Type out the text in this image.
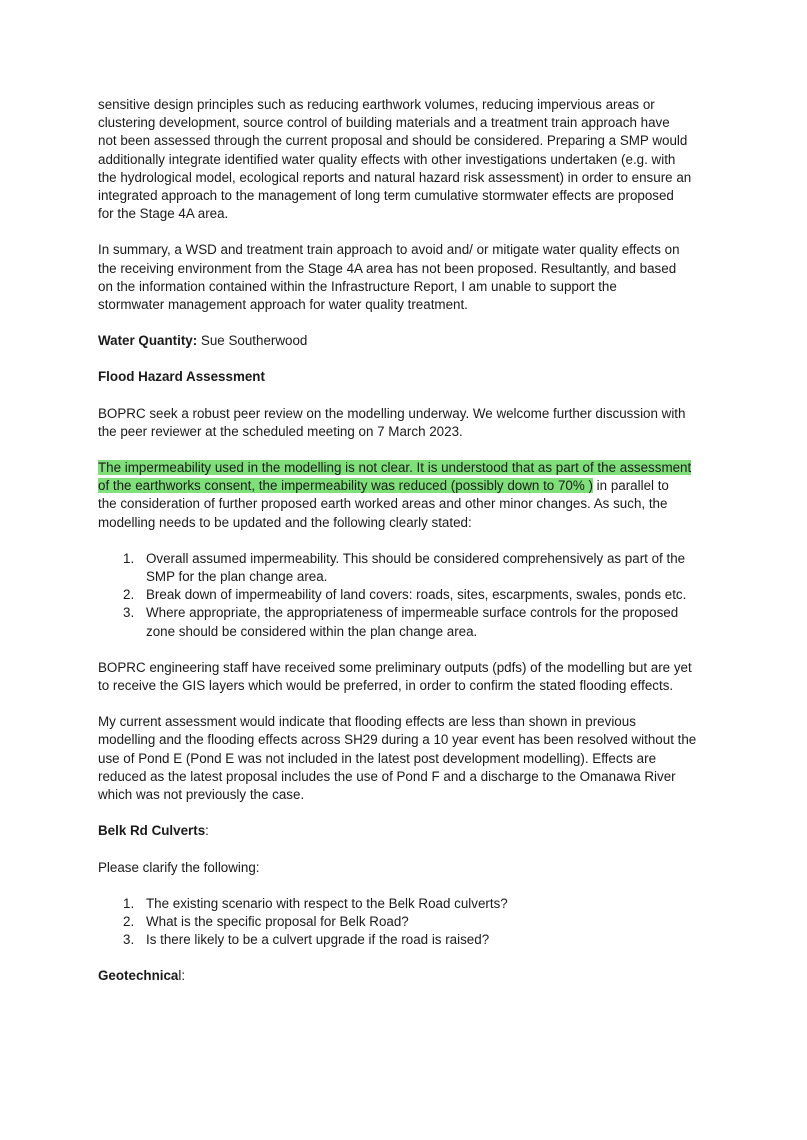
sensitive design principles such as reducing earthwork volumes, reducing impervious areas or
clustering development, source control of building materials and a treatment train approach have
not been assessed through the current proposal and should be considered. Preparing a SMP would
additionally integrate identified water quality effects with other investigations undertaken (e.g. with
the hydrological model, ecological reports and natural hazard risk assessment) in order to ensure an
integrated approach to the management of long term cumulative stormwater effects are proposed
for the Stage 4A area.

In summary, a WSD and treatment train approach to avoid and/ or mitigate water quality effects on
the receiving environment from the Stage 4A area has not been proposed. Resultantly, and based
on the information contained within the Infrastructure Report, I am unable to support the
stormwater management approach for water quality treatment.

Water Quantity: Sue Southerwood

Flood Hazard Assessment

BOPRC seek a robust peer review on the modelling underway. We welcome further discussion with
the peer reviewer at the scheduled meeting on 7 March 2023.

The impermeability used in the modelling is not clear. It is understood that as part of the assessment
of the earthworks consent, the impermeability was reduced (possibly down to 70% ) in parallel to
the consideration of further proposed earth worked areas and other minor changes. As such, the
modelling needs to be updated and the following clearly stated:

1. Overall assumed impermeability. This should be considered comprehensively as part of the
SMP for the plan change area.
2. Break down of impermeability of land covers: roads, sites, escarpments, swales, ponds etc.
3. Where appropriate, the appropriateness of impermeable surface controls for the proposed
zone should be considered within the plan change area.

BOPRC engineering staff have received some preliminary outputs (pdfs) of the modelling but are yet
to receive the GIS layers which would be preferred, in order to confirm the stated flooding effects.

My current assessment would indicate that flooding effects are less than shown in previous
modelling and the flooding effects across SH29 during a 10 year event has been resolved without the
use of Pond E (Pond E was not included in the latest post development modelling). Effects are
reduced as the latest proposal includes the use of Pond F and a discharge to the Omanawa River
which was not previously the case.

Belk Rd Culverts:

Please clarify the following:

1. The existing scenario with respect to the Belk Road culverts?
2. What is the specific proposal for Belk Road?
3. Is there likely to be a culvert upgrade if the road is raised?

Geotechnical:
